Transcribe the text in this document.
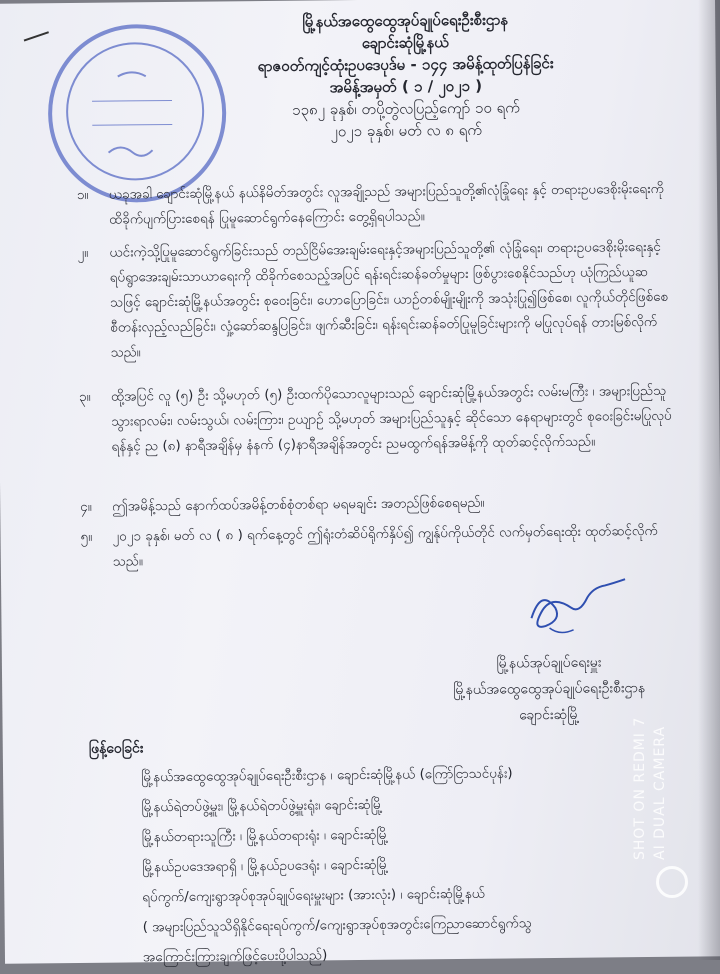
မြို့နယ်အထွေထွေအုပ်ချုပ်ရေးဦးစီးဌာန
ချောင်းဆုံမြို့နယ်
ရာဇဝတ်ကျင့်ထုံးဥပဒေပုဒ်မ - ၁၄၄ အမိန့်ထုတ်ပြန်ခြင်း
အမိန့်အမှတ် ( ၁ / ၂၀၂၁ )
၁၃၈၂ ခုနှစ်၊ တပို့တွဲလပြည့်ကျော် ၁၀ ရက်
၂၀၂၁ ခုနှစ်၊ မတ် လ ၈ ရက်
၁။ ယခုအခါ ချောင်းဆုံမြို့နယ် နယ်နိမိတ်အတွင်း လူအချို့သည် အများပြည်သူတို့၏လုံခြုံရေး နှင့် တရားဥပဒေစိုးမိုးရေးကို ထိခိုက်ပျက်ပြားစေရန် ပြုမူဆောင်ရွက်နေကြောင်း တွေ့ရှိရပါသည်။
၂။ ယင်းကဲ့သို့ပြုမူဆောင်ရွက်ခြင်းသည် တည်ငြိမ်အေးချမ်းရေးနှင့်အများပြည်သူတို့၏ လုံခြုံရေး၊ တရားဥပဒေစိုးမိုးရေးနှင့် ရပ်ရွာအေးချမ်းသာယာရေးကို ထိခိုက်စေသည့်အပြင် ရန်းရင်းဆန်ခတ်မှုများ ဖြစ်ပွားစေနိုင်သည်ဟု ယုံကြည်ယူဆသဖြင့် ချောင်းဆုံမြို့နယ်အတွင်း စုဝေးခြင်း၊ ဟောပြောခြင်း၊ ယာဉ်တစ်မျိုးမျိုးကို အသုံးပြု၍ဖြစ်စေ၊ လူကိုယ်တိုင်ဖြစ်စေ စီတန်းလှည့်လည်ခြင်း၊ လှုံ့ဆော်ဆန္ဒပြခြင်း၊ ဖျက်ဆီးခြင်း၊ ရန်းရင်းဆန်ခတ်ပြုမူခြင်းများကို မပြုလုပ်ရန် တားမြစ်လိုက်သည်။
၃။ ထို့အပြင် လူ (၅) ဦး သို့မဟုတ် (၅) ဦးထက်ပိုသောလူများသည် ချောင်းဆုံမြို့နယ်အတွင်း လမ်းမကြီး ၊ အများပြည်သူသွားရာလမ်း၊ လမ်းသွယ်၊ လမ်းကြား၊ ဥယျာဉ် သို့မဟုတ် အများပြည်သူနှင့် ဆိုင်သော နေရာများတွင် စုဝေးခြင်းမပြုလုပ်ရန်နှင့် ည (၈) နာရီအချိန်မှ နံနက် (၄)နာရီအချိန်အတွင်း ညမထွက်ရန်အမိန့်ကို ထုတ်ဆင့်လိုက်သည်။
၄။ ဤအမိန့်သည် နောက်ထပ်အမိန့်တစ်စုံတစ်ရာ မရမချင်း အတည်ဖြစ်စေရမည်။
၅။ ၂၀၂၁ ခုနှစ်၊ မတ် လ ( ၈ ) ရက်နေ့တွင် ဤရုံးတံဆိပ်ရိုက်နှိပ်၍ ကျွန်ုပ်ကိုယ်တိုင် လက်မှတ်ရေးထိုး ထုတ်ဆင့်လိုက်သည်။
မြို့နယ်အုပ်ချုပ်ရေးမှူး
မြို့နယ်အထွေထွေအုပ်ချုပ်ရေးဦးစီးဌာန
ချောင်းဆုံမြို့
ဖြန့်ဝေခြင်း
မြို့နယ်အထွေထွေအုပ်ချုပ်ရေးဦးစီးဌာန ၊ ချောင်းဆုံမြို့နယ် (ကြော်ငြာသင်ပုန်း)
မြို့နယ်ရဲတပ်ဖွဲ့မှူး၊ မြို့နယ်ရဲတပ်ဖွဲ့မှူးရုံး၊ ချောင်းဆုံမြို့
မြို့နယ်တရားသူကြီး ၊ မြို့နယ်တရားရုံး ၊ ချောင်းဆုံမြို့
မြို့နယ်ဥပဒေအရာရှိ ၊ မြို့နယ်ဥပဒေရုံး ၊ ချောင်းဆုံမြို့
ရပ်ကွက်/ကျေးရွာအုပ်စုအုပ်ချုပ်ရေးမှူးများ (အားလုံး) ၊ ချောင်းဆုံမြို့နယ်
( အများပြည်သူသိရှိနိုင်ရေးရပ်ကွက်/ကျေးရွာအုပ်စုအတွင်းကြေညာဆောင်ရွက်သွ
အကြောင်းကြားချက်ဖြင့်ပေးပို့ပါသည်)
SHOT ON REDMI 7 AI DUAL CAMERA
